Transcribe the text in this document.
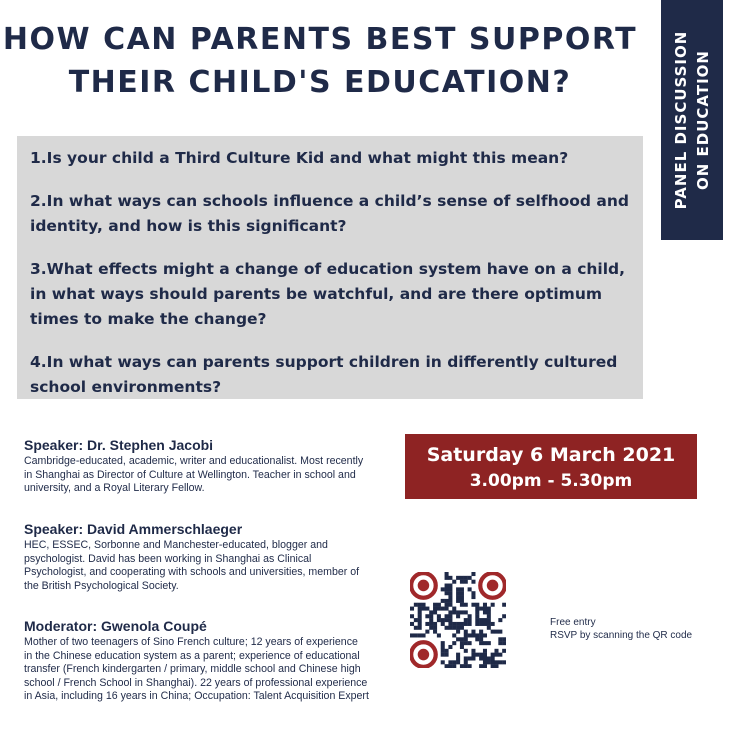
HOW CAN PARENTS BEST SUPPORT
THEIR CHILD'S EDUCATION?	PANEL DISCUSSION ON EDUCATION

1.Is your child a Third Culture Kid and what might this mean?

2.In what ways can schools influence a child’s sense of selfhood and identity, and how is this significant?

3.What effects might a change of education system have on a child, in what ways should parents be watchful, and are there optimum times to make the change?

4.In what ways can parents support children in differently cultured school environments?

Speaker: Dr. Stephen Jacobi
Cambridge-educated, academic, writer and educationalist. Most recently in Shanghai as Director of Culture at Wellington. Teacher in school and university, and a Royal Literary Fellow.
Speaker: David Ammerschlaeger
HEC, ESSEC, Sorbonne and Manchester-educated, blogger and psychologist. David has been working in Shanghai as Clinical Psychologist, and cooperating with schools and universities, member of the British Psychological Society.
Moderator: Gwenola Coupé
Mother of two teenagers of Sino French culture; 12 years of experience in the Chinese education system as a parent; experience of educational transfer (French kindergarten / primary, middle school and Chinese high school / French School in Shanghai). 22 years of professional experience in Asia, including 16 years in China; Occupation: Talent Acquisition Expert
Saturday 6 March 2021
3.00pm - 5.30pm
Free entry
RSVP by scanning the QR code
